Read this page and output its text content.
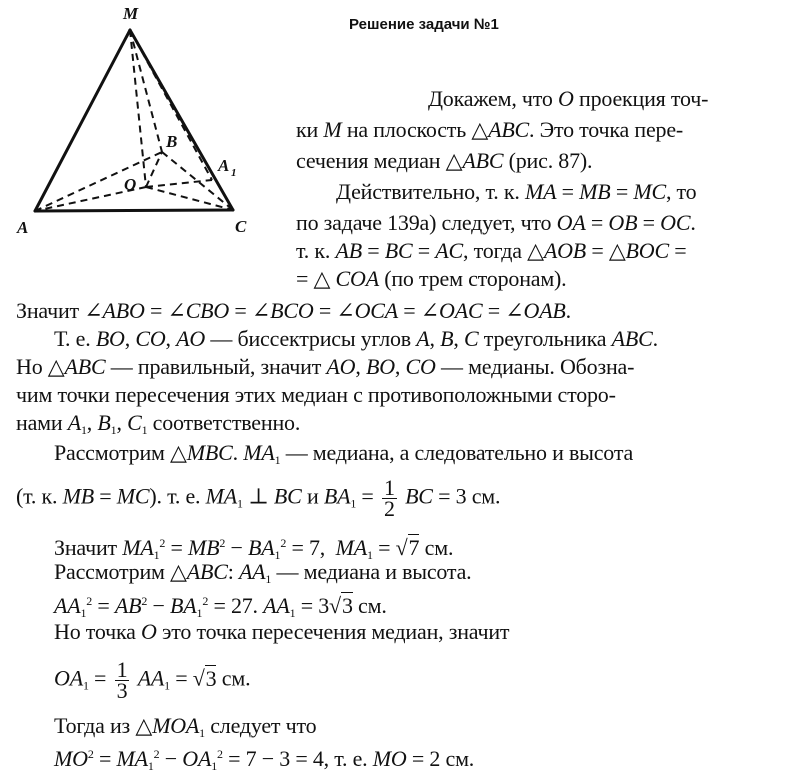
Решение задачи №1
M
B
A 1
O
A	C
Докажем, что O проекция точ-
ки M на плоскость △ABC. Это точка пере-
сечения медиан △ABC (рис. 87).
Действительно, т. к. MA = MB = MC, то
по задаче 139а) следует, что OA = OB = OC.
т. к. AB = BC = AC, тогда △AOB = △BOC =
= △ COA (по трем сторонам).
Значит ∠ABO = ∠CBO = ∠BCO = ∠OCA = ∠OAC = ∠OAB.
Т. е. BO, CO, AO — биссектрисы углов A, B, C треугольника ABC.
Но △ABC — правильный, значит AO, BO, CO — медианы. Обозна-
чим точки пересечения этих медиан с противоположными сторо-
нами $A_1$, $B_1$, $C_1$ соответственно.
Рассмотрим △MBC. $MA_1$ — медиана, а следовательно и высота
(т. к. MB = MC). т. е. $MA_1$ ⊥ BC и $BA_1 = \frac{1}{2}$ BC = 3 см.
Значит $MA_1^2 = MB^2 - BA_1^2 = 7$,  $MA_1 = √7$ см.
Рассмотрим △ABC: $AA_1$ — медиана и высота.
$AA_1^2 = AB^2 - BA_1^2 = 27$. $AA_1 = 3√3$ см.
Но точка O это точка пересечения медиан, значит
$OA_1 = \frac{1}{3} AA_1 = √3$ см.
Тогда из $\triangle MOA_1$ следует что
$MO^2 = MA_1^2 - OA_1^2 = 7 - 3 = 4$, т. е. MO = 2 см.
